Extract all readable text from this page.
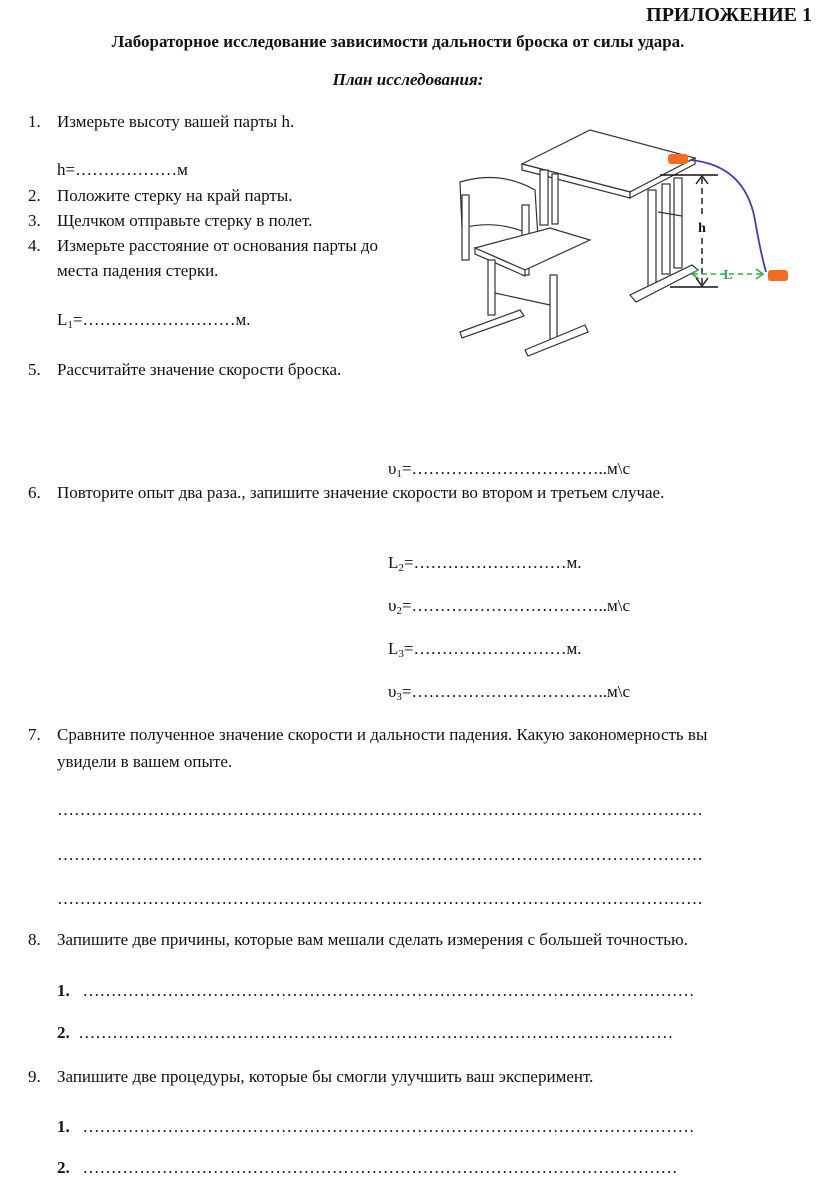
ПРИЛОЖЕНИЕ 1
Лабораторное исследование зависимости дальности броска от силы удара.
План исследования:
1. Измерьте высоту вашей парты h.
h=………………м
2. Положите стерку на край парты.
3. Щелчком отправьте стерку в полет.
4. Измерьте расстояние от основания парты до
места падения стерки.
$L_1=\dots\dots\dots\dots\dots\dots\dots\dots\dots м$.
5. Рассчитайте значение скорости броска.
$\upsilon_1=\dots\dots\dots\dots\dots\dots\dots\dots\dots\dots\dots..м\backslash с$
6. Повторите опыт два раза., запишите значение скорости во втором и третьем случае.
$L_2=\dots\dots\dots\dots\dots\dots\dots\dots\dots м$.
$\upsilon_2=\dots\dots\dots\dots\dots\dots\dots\dots\dots\dots\dots..м\backslash с$
$L_3=\dots\dots\dots\dots\dots\dots\dots\dots\dots м$.
$\upsilon_3=\dots\dots\dots\dots\dots\dots\dots\dots\dots\dots\dots..м\backslash с$
7. Сравните полученное значение скорости и дальности падения. Какую закономерность вы
увидели в вашем опыте.
……………………………………………………………………………………………………
……………………………………………………………………………………………………
……………………………………………………………………………………………………
8. Запишите две причины, которые вам мешали сделать измерения с большей точностью.
1. ………………………………………………………………………………………………
2. ……………………………………………………………………………………………
9. Запишите две процедуры, которые бы смогли улучшить ваш эксперимент.
1. ………………………………………………………………………………………………
2. ……………………………………………………………………………………………
h
L
